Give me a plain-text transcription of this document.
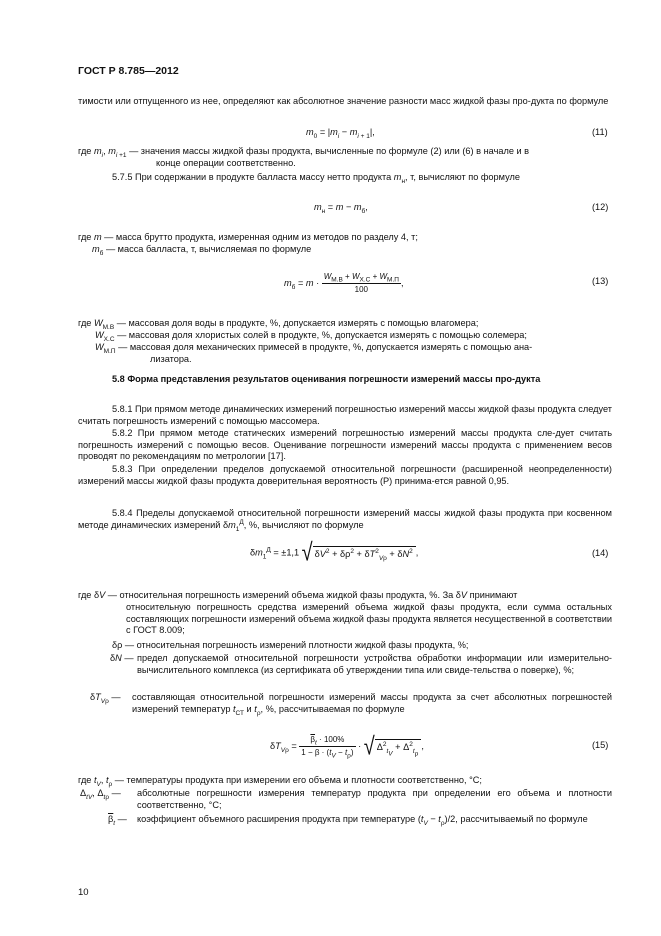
ГОСТ Р 8.785—2012
тимости или отпущенного из нее, определяют как абсолютное значение разности масс жидкой фазы про-дукта по формуле
$m_0 = |m_i - m_{i + 1}|$,	(11)
где $m_i$, $m_{i +1}$ — значения массы жидкой фазы продукта, вычисленные по формуле (2) или (6) в начале и в
конце операции соответственно.
5.7.5 При содержании в продукте балласта массу нетто продукта $m_н$, т, вычисляют по формуле
$m_н = m - m_б$,	(12)
где m — масса брутто продукта, измеренная одним из методов по разделу 4, т;
$m_б$ — масса балласта, т, вычисляемая по формуле
$m_б = m \cdot \frac{W_{М.В} + W_{Х.С} + W_{М.П}}{100}$ ,	(13)
где $W_{М.В}$ — массовая доля воды в продукте, %, допускается измерять с помощью влагомера;
$W_{Х.С}$ — массовая доля хлористых солей в продукте, %, допускается измерять с помощью солемера;
$W_{М.П}$ — массовая доля механических примесей в продукте, %, допускается измерять с помощью ана-
лизатора.
5.8 Форма представления результатов оценивания погрешности измерений массы про-дукта
5.8.1 При прямом методе динамических измерений погрешностью измерений массы жидкой фазы продукта следует считать погрешность измерений с помощью массомера.
5.8.2 При прямом методе статических измерений погрешностью измерений массы продукта сле-дует считать погрешность измерений с помощью весов. Оценивание погрешности измерений массы продукта с применением весов проводят по рекомендациям по метрологии [17].
5.8.3 При определении пределов допускаемой относительной погрешности (расширенной неопределенности) измерений массы жидкой фазы продукта доверительная вероятность (P) принима-ется равной 0,95.
5.8.4 Пределы допускаемой относительной погрешности измерений массы жидкой фазы продукта при косвенном методе динамических измерений $\delta m_1^Д$, %, вычисляют по формуле
$\delta m_1^Д = \pm 1,1$ √ $\delta V^2 + \delta\rho^2 + \delta T^2_{V\rho} + \delta N^2$ ,	(14)
где δV — относительная погрешность измерений объема жидкой фазы продукта, %. За δV принимают
относительную погрешность средства измерений объема жидкой фазы продукта, если сумма остальных составляющих погрешности измерений объема жидкой фазы продукта является несущественной в соответствии с ГОСТ 8.009;
δρ — относительная погрешность измерений плотности жидкой фазы продукта, %;
δN — предел допускаемой относительной погрешности устройства обработки информации или измерительно-вычислительного комплекса (из сертификата об утверждении типа или свиде-тельства о поверке), %;
$\delta T_{V\rho}$ — составляющая относительной погрешности измерений массы продукта за счет абсолютных погрешностей измерений температур $t_{СТ}$ и $t_\rho$, %, рассчитываемая по формуле
$\delta T_{V\rho} = \frac{\overline{\beta}_t \cdot 100\%}{1 - \beta \cdot (t_V - t_\rho)}$ · √ $\Delta^2_{t_V} + \Delta^2_{t_\rho}$,	(15)
где $t_V$, $t_\rho$ — температуры продукта при измерении его объема и плотности соответственно, °C;
$\Delta_{tV}$, $\Delta_{t\rho}$ — абсолютные погрешности измерения температур продукта при определении его объема и плотности соответственно, °C;
$\overline{\beta}_t$ — коэффициент объемного расширения продукта при температуре $(t_V - t_\rho)/2$, рассчитываемый по формуле
10
